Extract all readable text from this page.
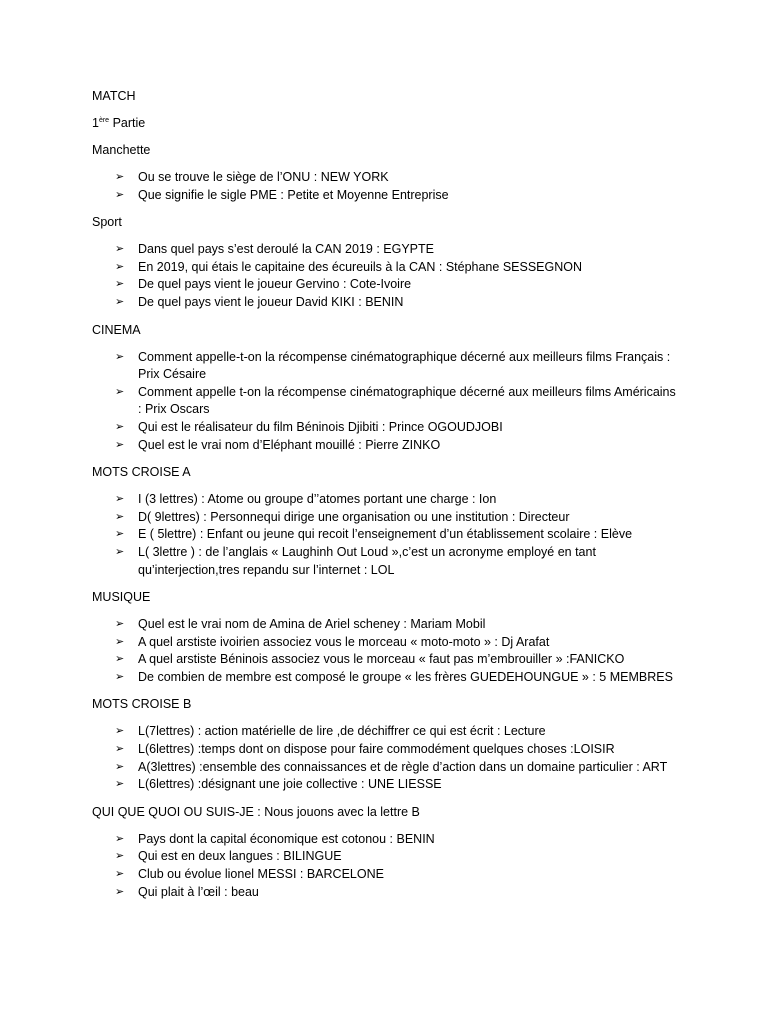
MATCH

1ère Partie

Manchette

➢ Ou se trouve le siège de l’ONU : NEW YORK
➢ Que signifie le sigle PME : Petite et Moyenne Entreprise

Sport

➢ Dans quel pays s’est deroulé la CAN 2019 : EGYPTE
➢ En 2019, qui étais le capitaine des écureuils à la CAN : Stéphane SESSEGNON
➢ De quel pays vient le joueur Gervino : Cote-Ivoire
➢ De quel pays vient le joueur David KIKI : BENIN

CINEMA

➢ Comment appelle-t-on la récompense cinématographique décerné aux meilleurs films Français : Prix Césaire
➢ Comment appelle t-on la récompense cinématographique décerné aux meilleurs films Américains : Prix Oscars
➢ Qui est le réalisateur du film Béninois Djibiti : Prince OGOUDJOBI
➢ Quel est le vrai nom d’Eléphant mouillé : Pierre ZINKO

MOTS CROISE A

➢ I (3 lettres) : Atome ou groupe d’’atomes portant une charge : Ion
➢ D( 9lettres) : Personnequi dirige une organisation ou une institution : Directeur
➢ E ( 5lettre) : Enfant ou jeune qui recoit l’enseignement d’un établissement scolaire : Elève
➢ L( 3lettre ) : de l’anglais « Laughinh Out Loud »,c’est un acronyme employé en tant qu’interjection,tres repandu sur l’internet : LOL

MUSIQUE

➢ Quel est le vrai nom de Amina de Ariel scheney : Mariam Mobil
➢ A quel arstiste ivoirien associez vous le morceau « moto-moto » : Dj Arafat
➢ A quel arstiste Béninois associez vous le morceau « faut pas m’embrouiller » :FANICKO
➢ De combien de membre est composé le groupe « les frères GUEDEHOUNGUE » : 5 MEMBRES

MOTS CROISE B

➢ L(7lettres) : action matérielle de lire ,de déchiffrer ce qui est écrit : Lecture
➢ L(6lettres) :temps dont on dispose pour faire commodément quelques choses :LOISIR
➢ A(3lettres) :ensemble des connaissances et de règle d’action dans un domaine particulier : ART
➢ L(6lettres) :désignant une joie collective : UNE LIESSE

QUI QUE QUOI OU SUIS-JE : Nous jouons avec la lettre B

➢ Pays dont la capital économique est cotonou : BENIN
➢ Qui est en deux langues : BILINGUE
➢ Club ou évolue lionel MESSI : BARCELONE
➢ Qui plait à l’œil : beau
